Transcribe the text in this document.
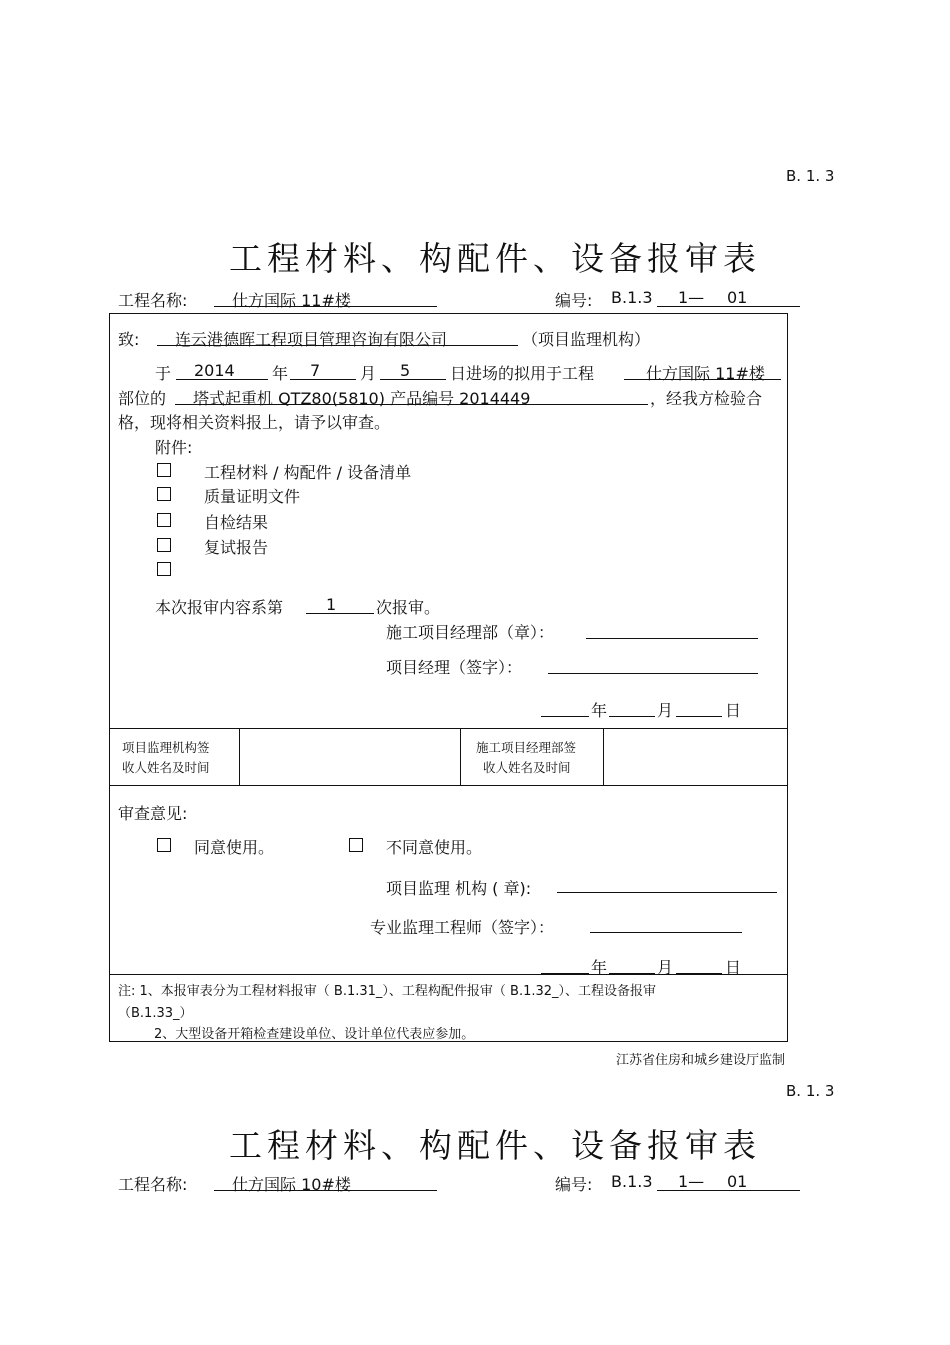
B. 1. 3
工程材料、构配件、设备报审表
工程名称:	仕方国际 11#楼	编号: B.1.3 1— 01
致: 连云港德晖工程项目管理咨询有限公司	（项目监理机构）
于 2014 年 7 月 5 日进场的拟用于工程	仕方国际 11#楼
部位的 塔式起重机 QTZ80(5810) 产品编号 2014449	，经我方检验合
格，现将相关资料报上，请予以审查。
附件:
工程材料 / 构配件 / 设备清单
质量证明文件
自检结果
复试报告
本次报审内容系第	1 次报审。
施工项目经理部（章）：
项目经理（签字）：
年	月	日
项目监理机构签
收人姓名及时间
施工项目经理部签
收人姓名及时间
审查意见:
同意使用。	不同意使用。
项目监理 机构 ( 章):
专业监理工程师（签字）：
年	月	日
注: 1、本报审表分为工程材料报审（ B.1.31_）、工程构配件报审（ B.1.32_）、工程设备报审
（B.1.33_）
2、大型设备开箱检查建设单位、设计单位代表应参加。
江苏省住房和城乡建设厅监制
B. 1. 3
工程材料、构配件、设备报审表
工程名称:	仕方国际 10#楼	编号: B.1.3 1— 01
